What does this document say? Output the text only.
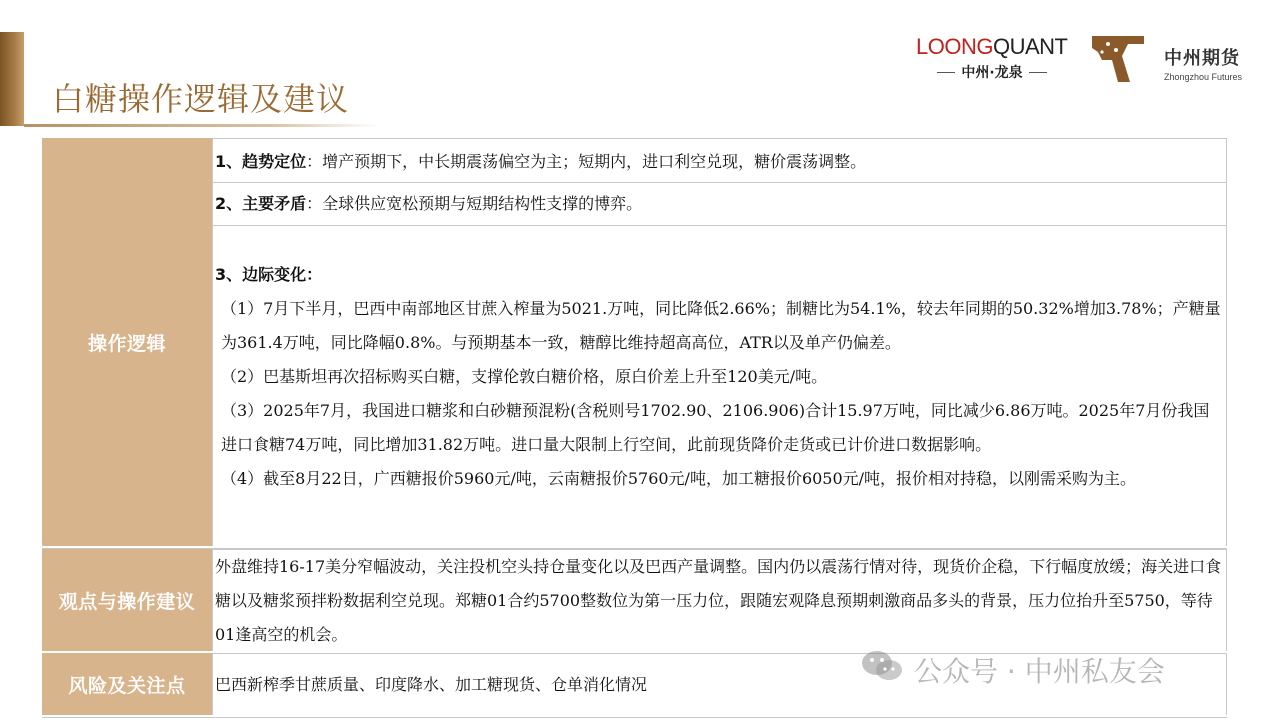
白糖操作逻辑及建议
LOONGQUANT
中州·龙泉
中州期货
Zhongzhou Futures
操作逻辑
1、趋势定位：增产预期下，中长期震荡偏空为主；短期内，进口利空兑现，糖价震荡调整。
2、主要矛盾：全球供应宽松预期与短期结构性支撑的博弈。
3、边际变化：
（1）7月下半月，巴西中南部地区甘蔗入榨量为5021.万吨，同比降低2.66%；制糖比为54.1%，较去年同期的50.32%增加3.78%；产糖量为361.4万吨，同比降幅0.8%。与预期基本一致，糖醇比维持超高高位，ATR以及单产仍偏差。
（2）巴基斯坦再次招标购买白糖，支撑伦敦白糖价格，原白价差上升至120美元/吨。
（3）2025年7月，我国进口糖浆和白砂糖预混粉(含税则号1702.90、2106.906)合计15.97万吨，同比减少6.86万吨。2025年7月份我国进口食糖74万吨，同比增加31.82万吨。进口量大限制上行空间，此前现货降价走货或已计价进口数据影响。
（4）截至8月22日，广西糖报价5960元/吨，云南糖报价5760元/吨，加工糖报价6050元/吨，报价相对持稳，以刚需采购为主。
观点与操作建议
外盘维持16-17美分窄幅波动，关注投机空头持仓量变化以及巴西产量调整。国内仍以震荡行情对待，现货价企稳，下行幅度放缓；海关进口食糖以及糖浆预拌粉数据利空兑现。郑糖01合约5700整数位为第一压力位，跟随宏观降息预期刺激商品多头的背景，压力位抬升至5750，等待01逢高空的机会。
风险及关注点	巴西新榨季甘蔗质量、印度降水、加工糖现货、仓单消化情况	公众号 · 中州私友会
